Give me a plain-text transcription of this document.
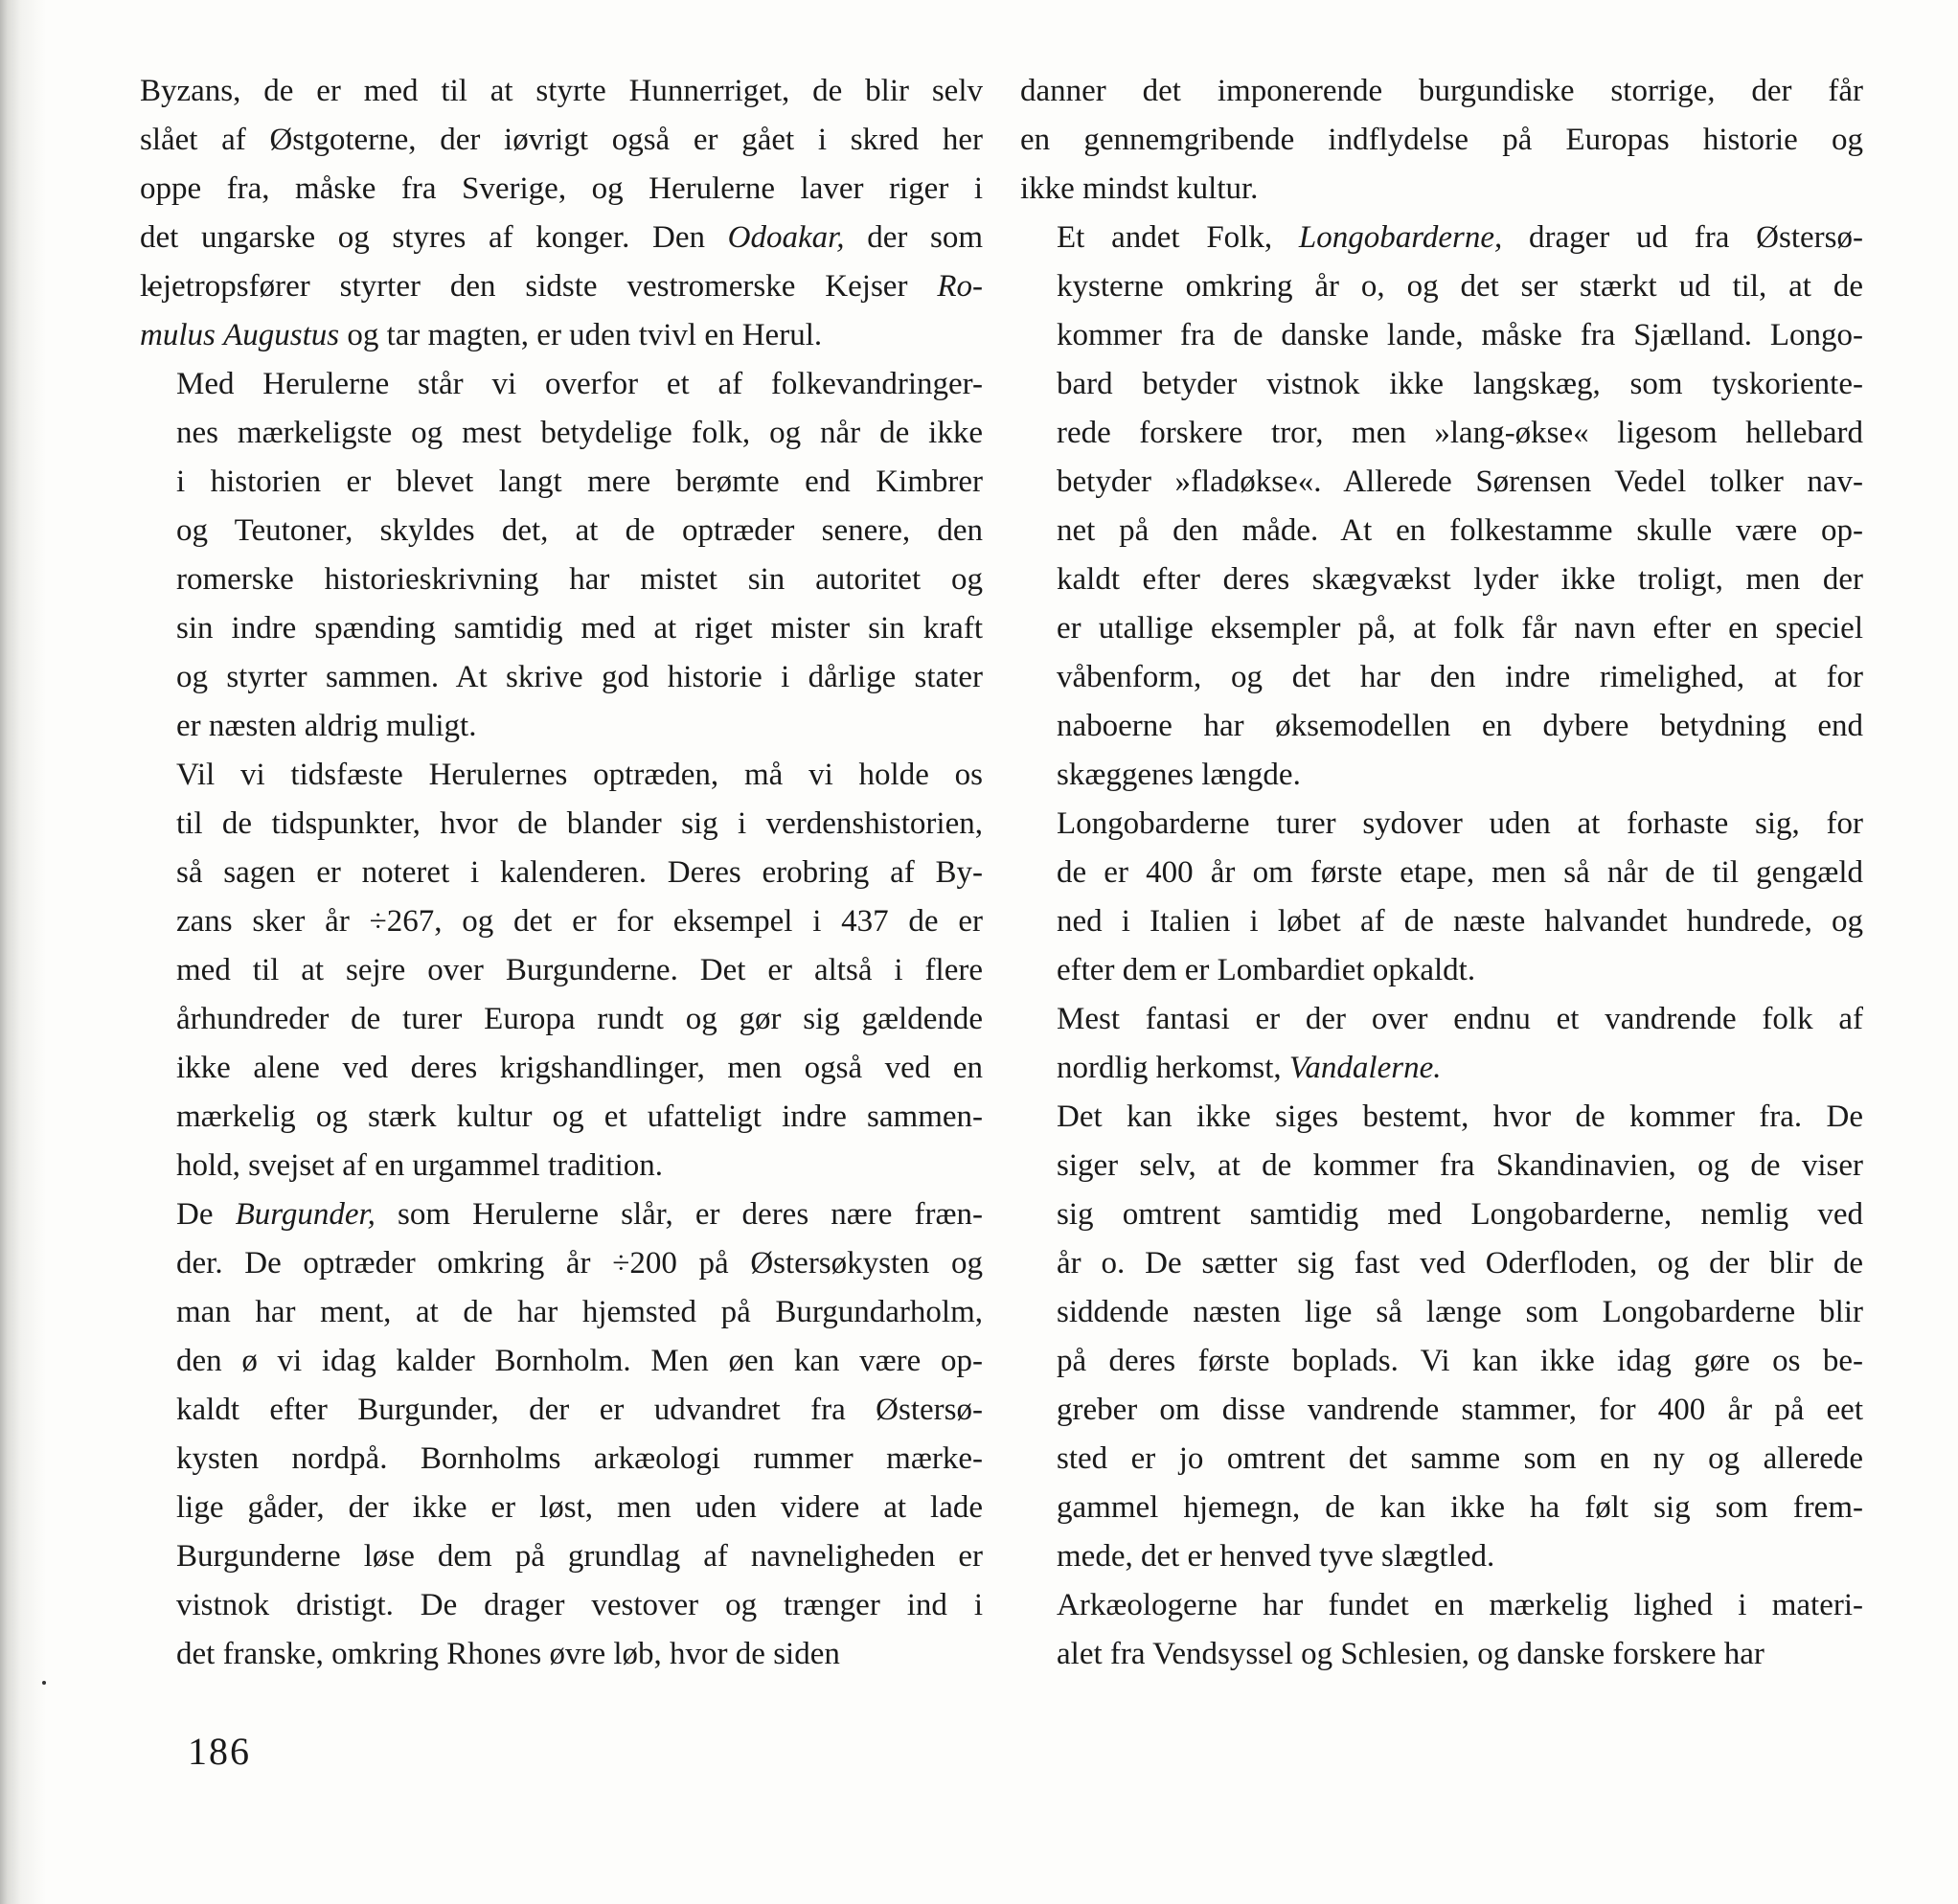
Byzans, de er med til at styrte Hunnerriget, de blir selv
slået af Østgoterne, der iøvrigt også er gået i skred her
oppe fra, måske fra Sverige, og Herulerne laver riger i
det ungarske og styres af konger. Den Odoakar, der som
lejetropsfører styrter den sidste vestromerske Kejser Ro-
mulus Augustus og tar magten, er uden tvivl en Herul.

Med Herulerne står vi overfor et af folkevandringer-
nes mærkeligste og mest betydelige folk, og når de ikke
i historien er blevet langt mere berømte end Kimbrer
og Teutoner, skyldes det, at de optræder senere, den
romerske historieskrivning har mistet sin autoritet og
sin indre spænding samtidig med at riget mister sin kraft
og styrter sammen. At skrive god historie i dårlige stater
er næsten aldrig muligt.

Vil vi tidsfæste Herulernes optræden, må vi holde os
til de tidspunkter, hvor de blander sig i verdenshistorien,
så sagen er noteret i kalenderen. Deres erobring af By-
zans sker år ÷267, og det er for eksempel i 437 de er
med til at sejre over Burgunderne. Det er altså i flere
århundreder de turer Europa rundt og gør sig gældende
ikke alene ved deres krigshandlinger, men også ved en
mærkelig og stærk kultur og et ufatteligt indre sammen-
hold, svejset af en urgammel tradition.

De Burgunder, som Herulerne slår, er deres nære fræn-
der. De optræder omkring år ÷200 på Østersøkysten og
man har ment, at de har hjemsted på Burgundarholm,
den ø vi idag kalder Bornholm. Men øen kan være op-
kaldt efter Burgunder, der er udvandret fra Østersø-
kysten nordpå. Bornholms arkæologi rummer mærke-
lige gåder, der ikke er løst, men uden videre at lade
Burgunderne løse dem på grundlag af navneligheden er
vistnok dristigt. De drager vestover og trænger ind i
det franske, omkring Rhones øvre løb, hvor de siden

danner det imponerende burgundiske storrige, der får
en gennemgribende indflydelse på Europas historie og
ikke mindst kultur.

Et andet Folk, Longobarderne, drager ud fra Østersø-
kysterne omkring år o, og det ser stærkt ud til, at de
kommer fra de danske lande, måske fra Sjælland. Longo-
bard betyder vistnok ikke langskæg, som tyskoriente-
rede forskere tror, men »lang-økse« ligesom hellebard
betyder »fladøkse«. Allerede Sørensen Vedel tolker nav-
net på den måde. At en folkestamme skulle være op-
kaldt efter deres skægvækst lyder ikke troligt, men der
er utallige eksempler på, at folk får navn efter en speciel
våbenform, og det har den indre rimelighed, at for
naboerne har øksemodellen en dybere betydning end
skæggenes længde.

Longobarderne turer sydover uden at forhaste sig, for
de er 400 år om første etape, men så når de til gengæld
ned i Italien i løbet af de næste halvandet hundrede, og
efter dem er Lombardiet opkaldt.

Mest fantasi er der over endnu et vandrende folk af
nordlig herkomst, Vandalerne.

Det kan ikke siges bestemt, hvor de kommer fra. De
siger selv, at de kommer fra Skandinavien, og de viser
sig omtrent samtidig med Longobarderne, nemlig ved
år o. De sætter sig fast ved Oderfloden, og der blir de
siddende næsten lige så længe som Longobarderne blir
på deres første boplads. Vi kan ikke idag gøre os be-
greber om disse vandrende stammer, for 400 år på eet
sted er jo omtrent det samme som en ny og allerede
gammel hjemegn, de kan ikke ha følt sig som frem-
mede, det er henved tyve slægtled.

Arkæologerne har fundet en mærkelig lighed i materi-
alet fra Vendsyssel og Schlesien, og danske forskere har

186
